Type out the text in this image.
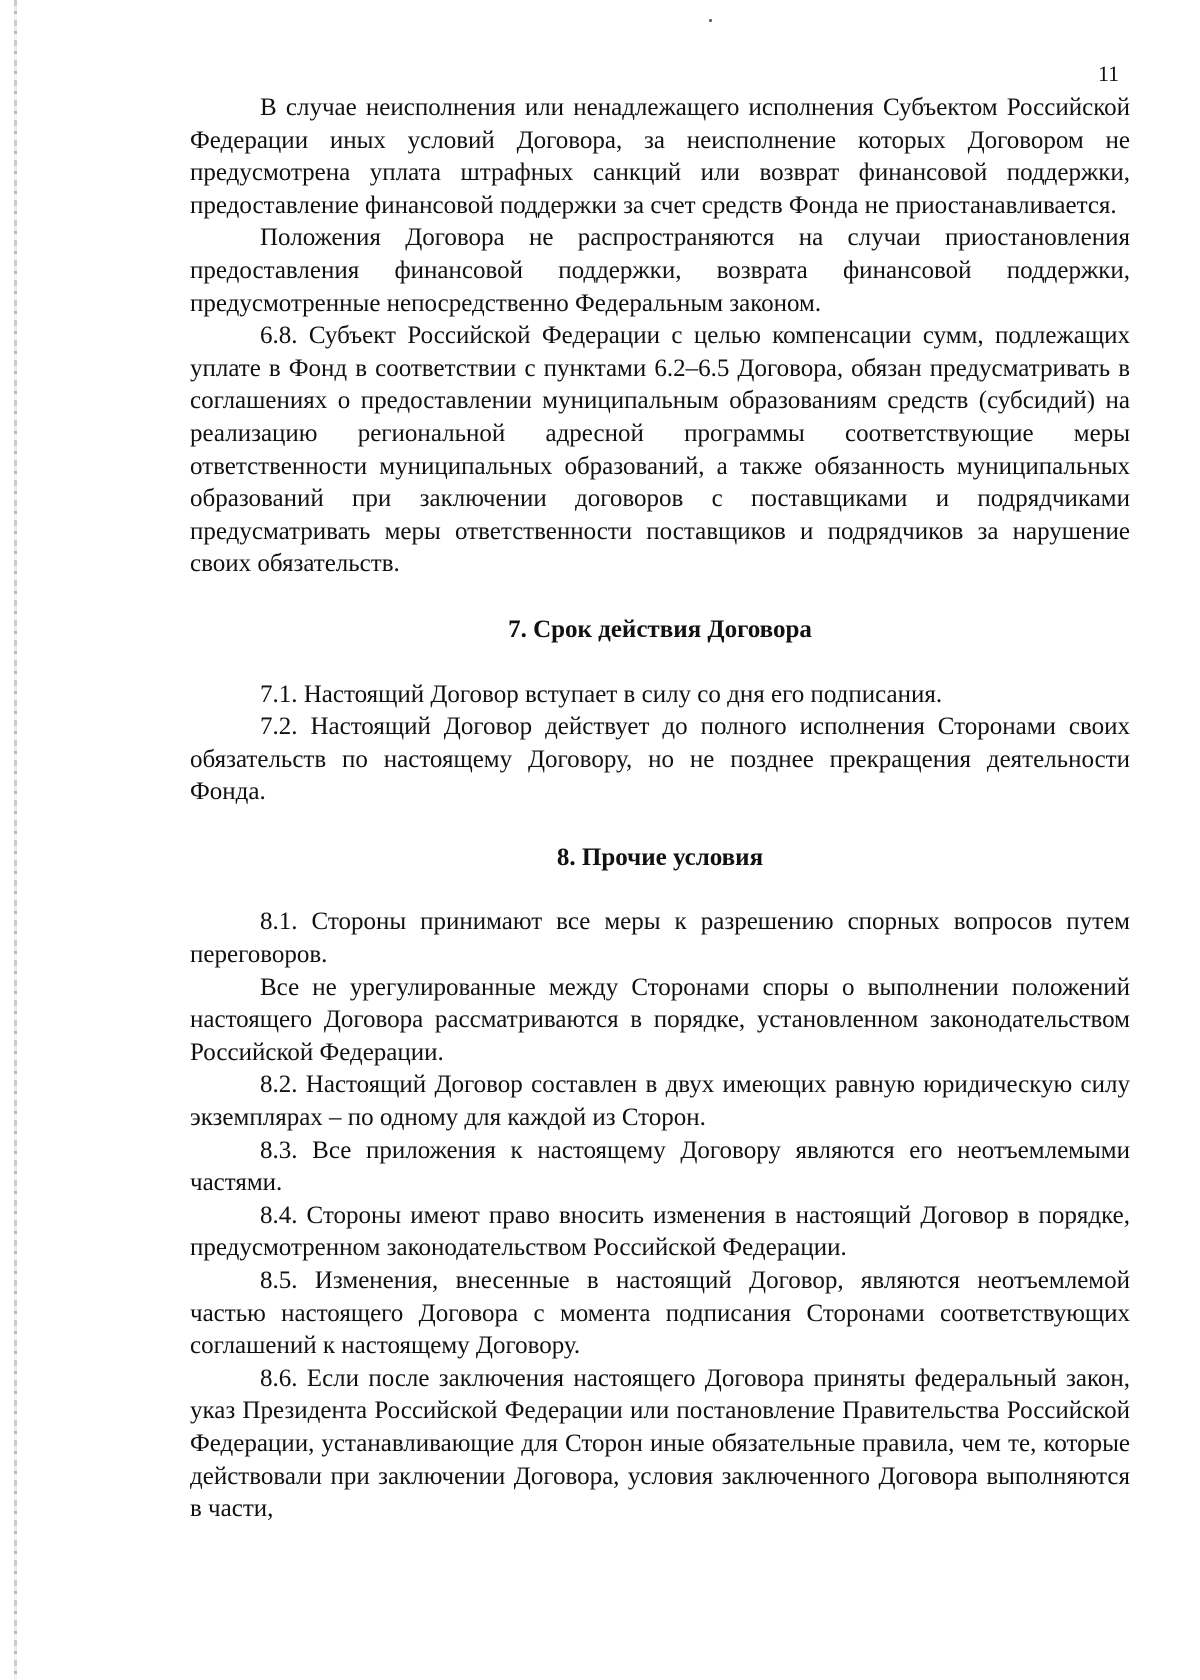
11

В случае неисполнения или ненадлежащего исполнения Субъектом Российской Федерации иных условий Договора, за неисполнение которых Договором не предусмотрена уплата штрафных санкций или возврат финансовой поддержки, предоставление финансовой поддержки за счет средств Фонда не приостанавливается.

Положения Договора не распространяются на случаи приостановления предоставления финансовой поддержки, возврата финансовой поддержки, предусмотренные непосредственно Федеральным законом.

6.8. Субъект Российской Федерации с целью компенсации сумм, подлежащих уплате в Фонд в соответствии с пунктами 6.2–6.5 Договора, обязан предусматривать в соглашениях о предоставлении муниципальным образованиям средств (субсидий) на реализацию региональной адресной программы соответствующие меры ответственности муниципальных образований, а также обязанность муниципальных образований при заключении договоров с поставщиками и подрядчиками предусматривать меры ответственности поставщиков и подрядчиков за нарушение своих обязательств.

7. Срок действия Договора

7.1. Настоящий Договор вступает в силу со дня его подписания.

7.2. Настоящий Договор действует до полного исполнения Сторонами своих обязательств по настоящему Договору, но не позднее прекращения деятельности Фонда.

8. Прочие условия

8.1. Стороны принимают все меры к разрешению спорных вопросов путем переговоров.

Все не урегулированные между Сторонами споры о выполнении положений настоящего Договора рассматриваются в порядке, установленном законодательством Российской Федерации.

8.2. Настоящий Договор составлен в двух имеющих равную юридическую силу экземплярах – по одному для каждой из Сторон.

8.3. Все приложения к настоящему Договору являются его неотъемлемыми частями.

8.4. Стороны имеют право вносить изменения в настоящий Договор в порядке, предусмотренном законодательством Российской Федерации.

8.5. Изменения, внесенные в настоящий Договор, являются неотъемлемой частью настоящего Договора с момента подписания Сторонами соответствующих соглашений к настоящему Договору.

8.6. Если после заключения настоящего Договора приняты федеральный закон, указ Президента Российской Федерации или постановление Правительства Российской Федерации, устанавливающие для Сторон иные обязательные правила, чем те, которые действовали при заключении Договора, условия заключенного Договора выполняются в части,
